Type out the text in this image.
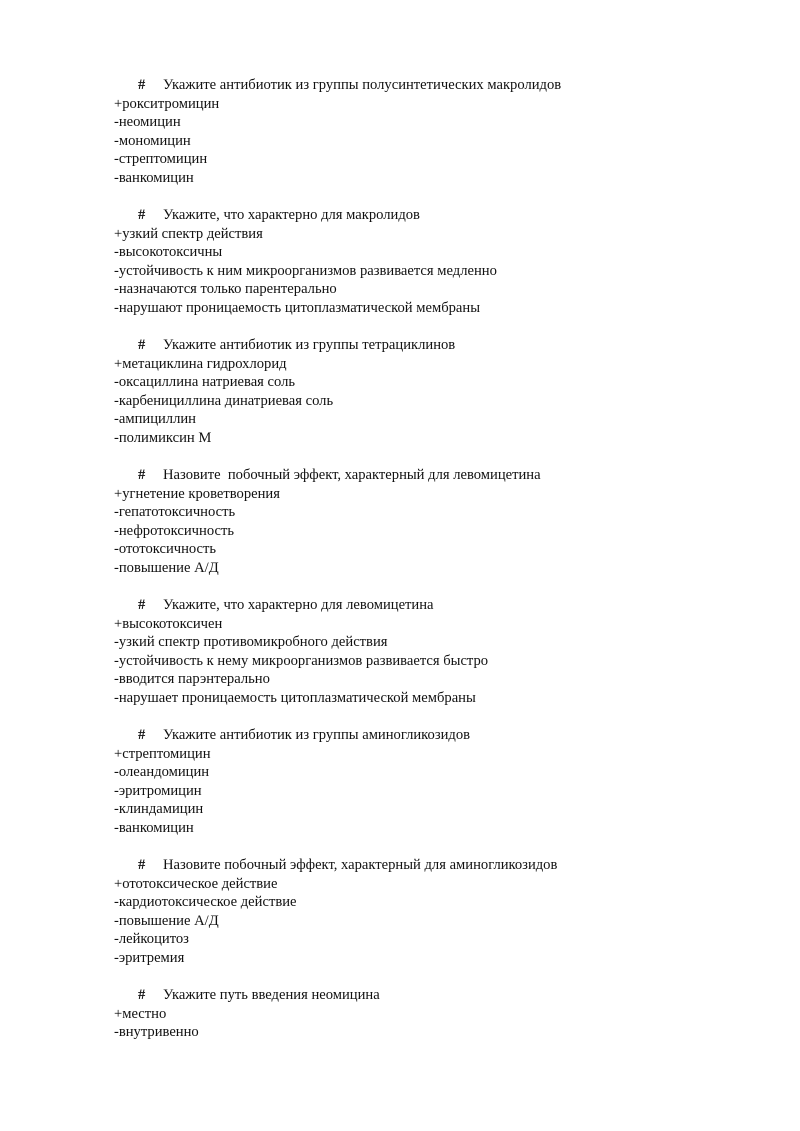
# Укажите антибиотик из группы полусинтетических макролидов
+рокситромицин
-неомицин
-мономицин
-стрептомицин
-ванкомицин
# Укажите, что характерно для макролидов
+узкий спектр действия
-высокотоксичны
-устойчивость к ним микроорганизмов развивается медленно
-назначаются только парентерально
-нарушают проницаемость цитоплазматической мембраны
# Укажите антибиотик из группы тетрациклинов
+метациклина гидрохлорид
-оксациллина натриевая соль
-карбенициллина динатриевая соль
-ампициллин
-полимиксин М
# Назовите  побочный эффект, характерный для левомицетина
+угнетение кроветворения
-гепатотоксичность
-нефротоксичность
-ототоксичность
-повышение А/Д
# Укажите, что характерно для левомицетина
+высокотоксичен
-узкий спектр противомикробного действия
-устойчивость к нему микроорганизмов развивается быстро
-вводится парэнтерально
-нарушает проницаемость цитоплазматической мембраны
# Укажите антибиотик из группы аминогликозидов
+стрептомицин
-олеандомицин
-эритромицин
-клиндамицин
-ванкомицин
# Назовите побочный эффект, характерный для аминогликозидов
+ототоксическое действие
-кардиотоксическое действие
-повышение А/Д
-лейкоцитоз
-эритремия
# Укажите путь введения неомицина
+местно
-внутривенно
